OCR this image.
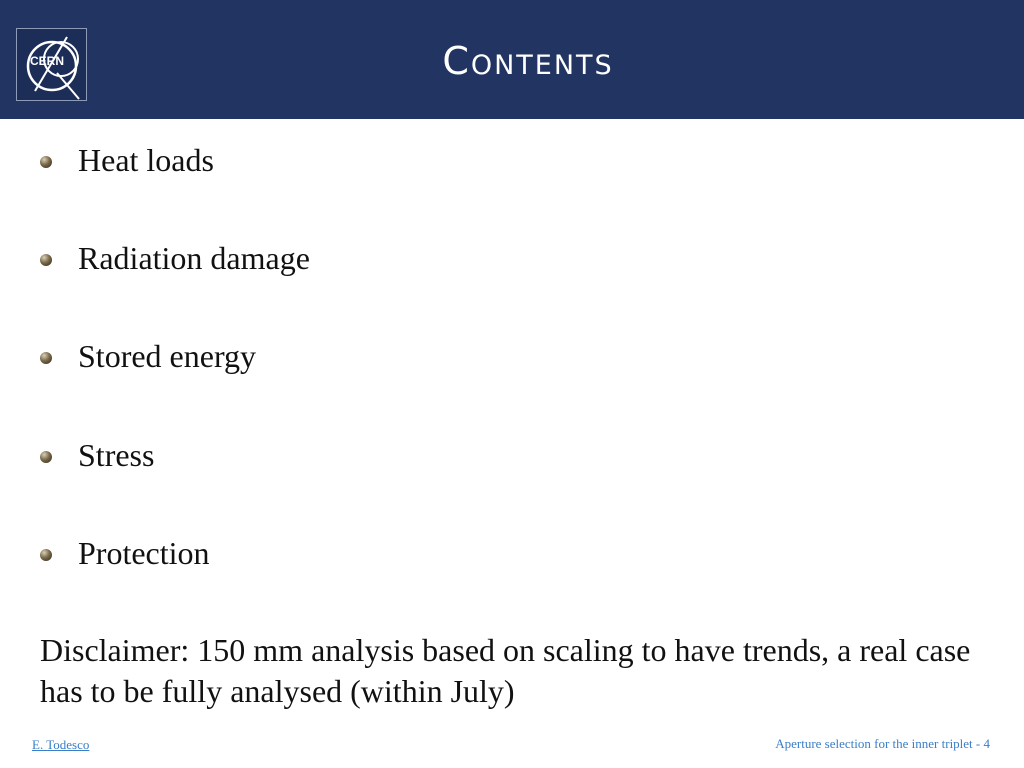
CERN	Contents
Heat loads
Radiation damage
Stored energy
Stress
Protection
Disclaimer: 150 mm analysis based on scaling to have trends, a real case has to be fully analysed (within July)
E. Todesco	Aperture selection for the inner triplet - 4
